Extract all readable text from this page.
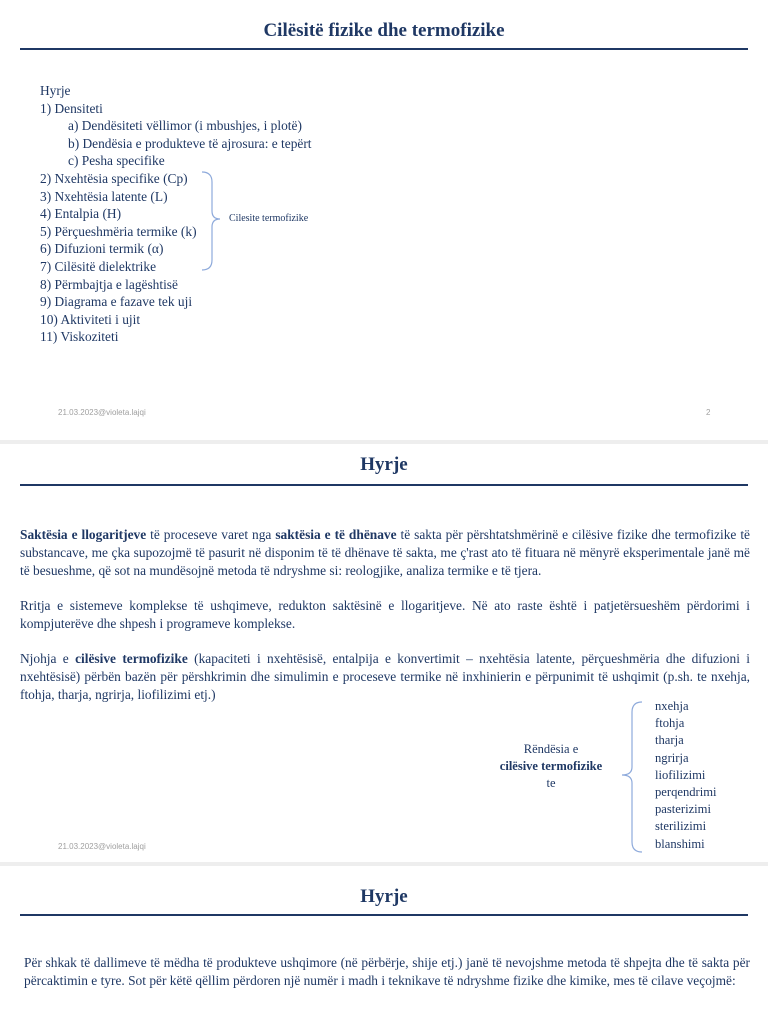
Cilësitë fizike dhe termofizike
Hyrje
1) Densiteti
a) Dendësiteti vëllimor (i mbushjes, i plotë)
b) Dendësia e produkteve të ajrosura: e tepërt
c) Pesha specifike
2) Nxehtësia specifike (Cp)
3) Nxehtësia latente (L)
4) Entalpia (H)
5) Përçueshmëria termike (k)
6) Difuzioni termik (α)
7) Cilësitë dielektrike
8) Përmbajtja e lagështisë
9) Diagrama e fazave tek uji
10) Aktiviteti i ujit
11) Viskoziteti
Cilesite termofizike
21.03.2023@violeta.lajqi	2
Hyrje
Saktësia e llogaritjeve të proceseve varet nga saktësia e të dhënave të sakta për përshtatshmërinë e cilësive fizike dhe termofizike të substancave, me çka supozojmë të pasurit në disponim të të dhënave të sakta, me ç'rast ato të fituara në mënyrë eksperimentale janë më të besueshme, që sot na mundësojnë metoda të ndryshme si: reologjike, analiza termike e të tjera.
Rritja e sistemeve komplekse të ushqimeve, redukton saktësinë e llogaritjeve. Në ato raste është i patjetërsueshëm përdorimi i kompjuterëve dhe shpesh i programeve komplekse.
Njohja e cilësive termofizike (kapaciteti i nxehtësisë, entalpija e konvertimit – nxehtësia latente, përçueshmëria dhe difuzioni i nxehtësisë) përbën bazën për përshkrimin dhe simulimin e proceseve termike në inxhinierin e përpunimit të ushqimit (p.sh. te nxehja, ftohja, tharja, ngrirja, liofilizimi etj.)
Rëndësia e
cilësive termofizike
te
nxehja
ftohja
tharja
ngrirja
liofilizimi
perqendrimi
pasterizimi
sterilizimi
blanshimi
21.03.2023@violeta.lajqi
Hyrje
Për shkak të dallimeve të mëdha të produkteve ushqimore (në përbërje, shije etj.) janë të nevojshme metoda të shpejta dhe të sakta për përcaktimin e tyre. Sot për këtë qëllim përdoren një numër i madh i teknikave të ndryshme fizike dhe kimike, mes të cilave veçojmë:
